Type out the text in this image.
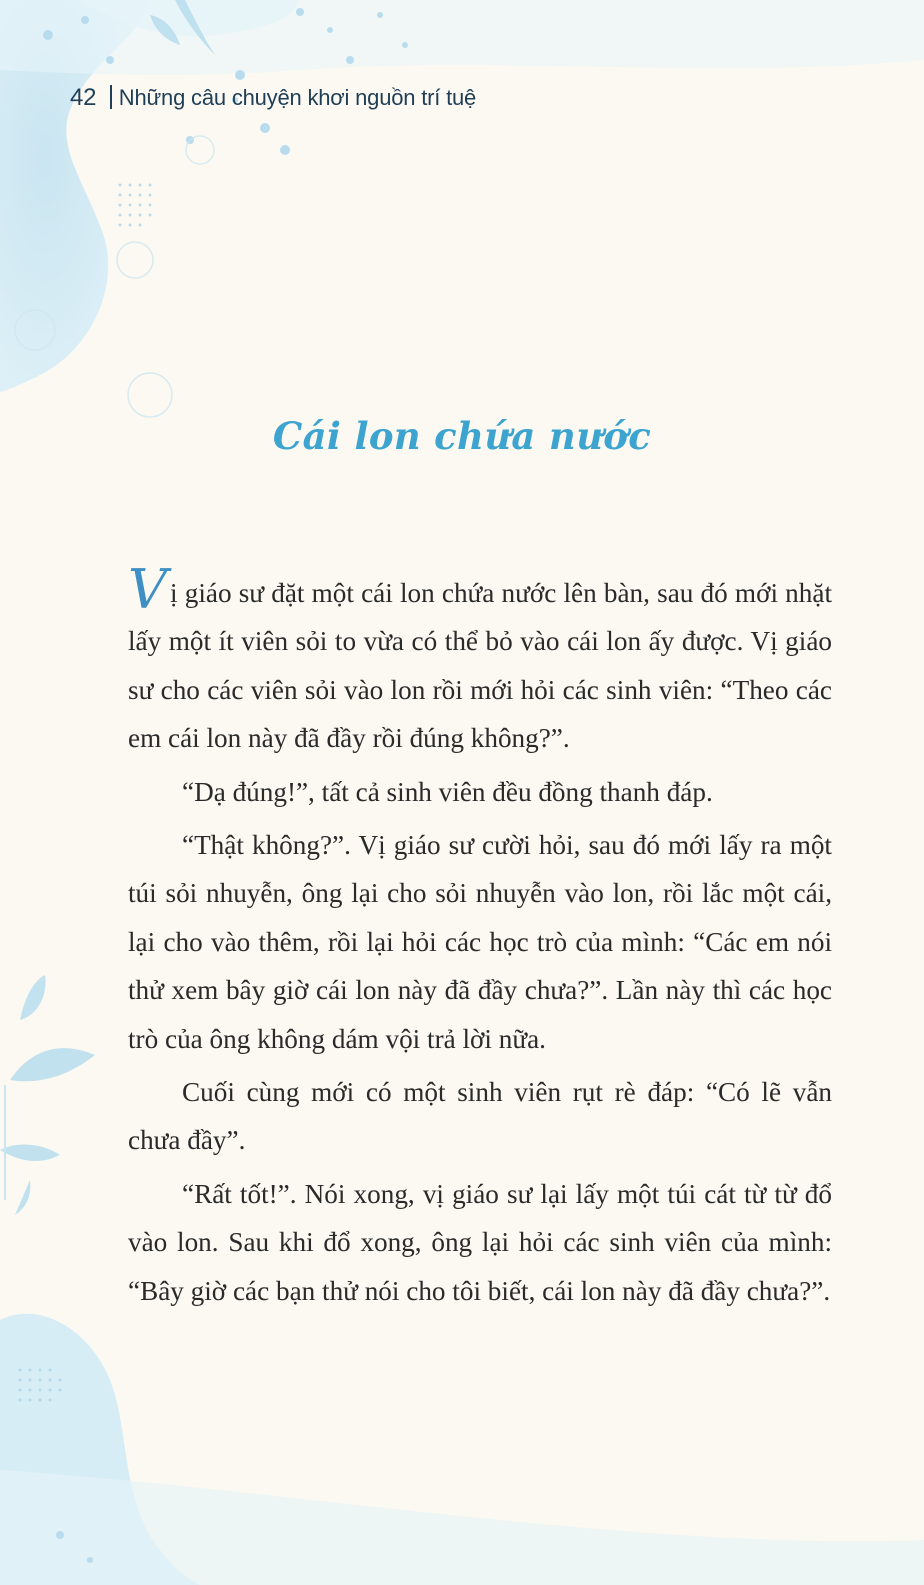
42 Những câu chuyện khơi nguồn trí tuệ
Cái lon chứa nước

Vị giáo sư đặt một cái lon chứa nước lên bàn, sau đó mới nhặt lấy một ít viên sỏi to vừa có thể bỏ vào cái lon ấy được. Vị giáo sư cho các viên sỏi vào lon rồi mới hỏi các sinh viên: “Theo các em cái lon này đã đầy rồi đúng không?”.

“Dạ đúng!”, tất cả sinh viên đều đồng thanh đáp.

“Thật không?”. Vị giáo sư cười hỏi, sau đó mới lấy ra một túi sỏi nhuyễn, ông lại cho sỏi nhuyễn vào lon, rồi lắc một cái, lại cho vào thêm, rồi lại hỏi các học trò của mình: “Các em nói thử xem bây giờ cái lon này đã đầy chưa?”. Lần này thì các học trò của ông không dám vội trả lời nữa.

Cuối cùng mới có một sinh viên rụt rè đáp: “Có lẽ vẫn chưa đầy”.

“Rất tốt!”. Nói xong, vị giáo sư lại lấy một túi cát từ từ đổ vào lon. Sau khi đổ xong, ông lại hỏi các sinh viên của mình: “Bây giờ các bạn thử nói cho tôi biết, cái lon này đã đầy chưa?”.
